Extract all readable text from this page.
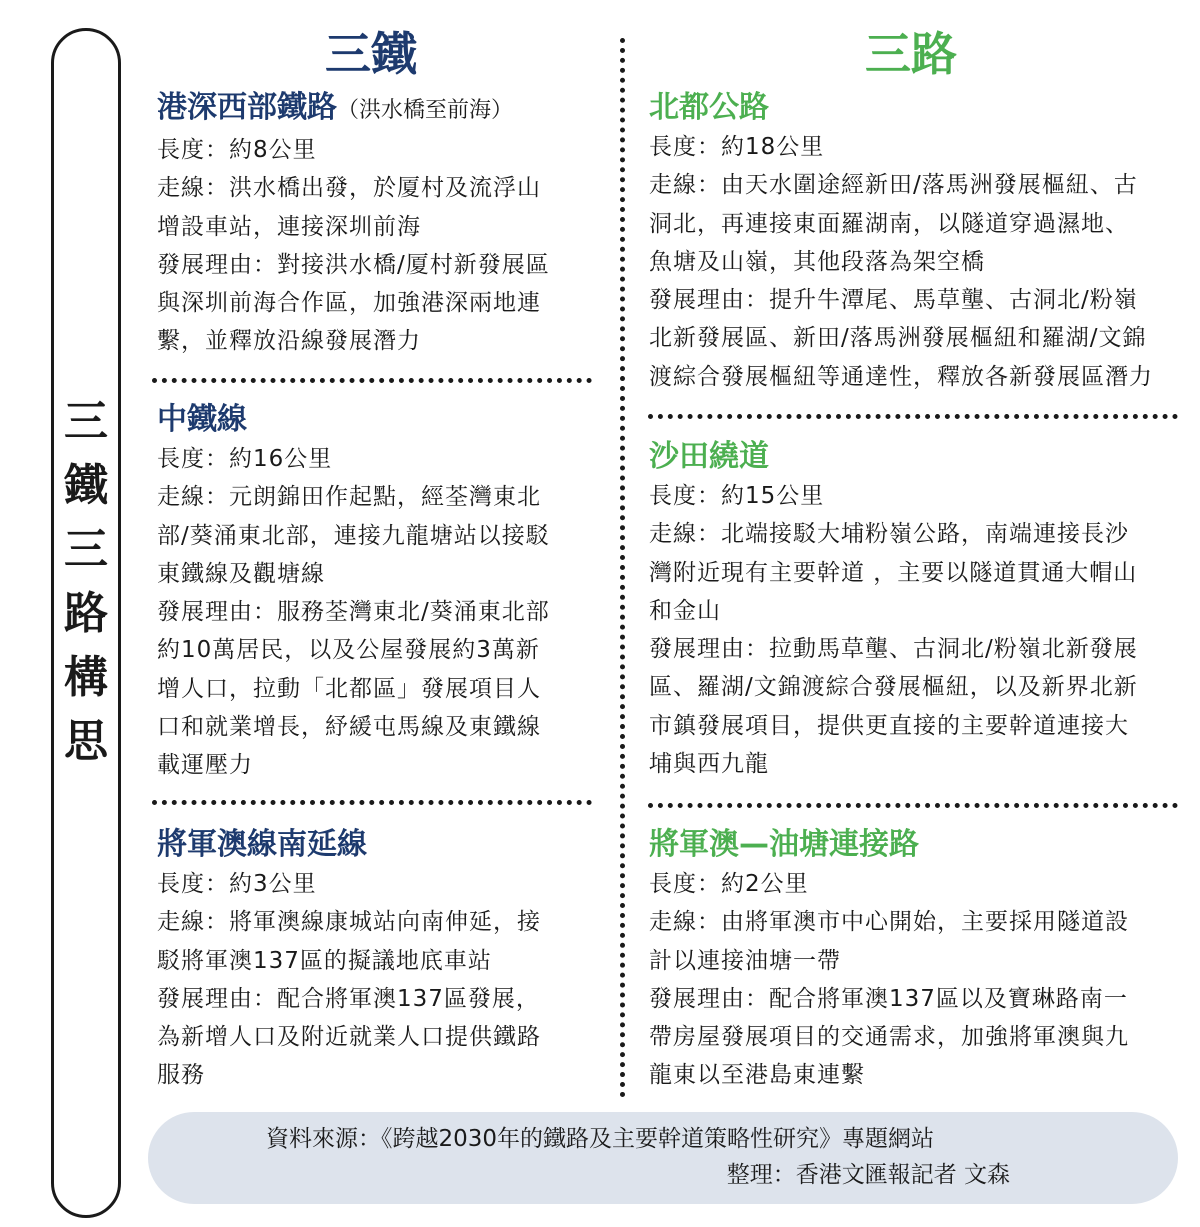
三
鐵
三
路
構
思
三鐵	三路
港深西部鐵路（洪水橋至前海）
長度：約8公里
走線：洪水橋出發，於厦村及流浮山
增設車站，連接深圳前海
發展理由：對接洪水橋/厦村新發展區
與深圳前海合作區，加強港深兩地連
繫，並釋放沿線發展潛力
中鐵線
長度：約16公里
走線：元朗錦田作起點，經荃灣東北
部/葵涌東北部，連接九龍塘站以接駁
東鐵線及觀塘線
發展理由：服務荃灣東北/葵涌東北部
約10萬居民，以及公屋發展約3萬新
增人口，拉動「北都區」發展項目人
口和就業增長，紓緩屯馬線及東鐵線
載運壓力
將軍澳線南延線
長度：約3公里
走線：將軍澳線康城站向南伸延，接
駁將軍澳137區的擬議地底車站
發展理由：配合將軍澳137區發展，
為新增人口及附近就業人口提供鐵路
服務
北都公路
長度：約18公里
走線：由天水圍途經新田/落馬洲發展樞紐、古
洞北，再連接東面羅湖南，以隧道穿過濕地、
魚塘及山嶺，其他段落為架空橋
發展理由：提升牛潭尾、馬草壟、古洞北/粉嶺
北新發展區、新田/落馬洲發展樞紐和羅湖/文錦
渡綜合發展樞紐等通達性，釋放各新發展區潛力
沙田繞道
長度：約15公里
走線：北端接駁大埔粉嶺公路，南端連接長沙
灣附近現有主要幹道 ，主要以隧道貫通大帽山
和金山
發展理由：拉動馬草壟、古洞北/粉嶺北新發展
區、羅湖/文錦渡綜合發展樞紐，以及新界北新
市鎮發展項目，提供更直接的主要幹道連接大
埔與西九龍
將軍澳—油塘連接路
長度：約2公里
走線：由將軍澳市中心開始，主要採用隧道設
計以連接油塘一帶
發展理由：配合將軍澳137區以及寶琳路南一
帶房屋發展項目的交通需求，加強將軍澳與九
龍東以至港島東連繫
資料來源：《跨越2030年的鐵路及主要幹道策略性研究》專題網站
整理：香港文匯報記者 文森
